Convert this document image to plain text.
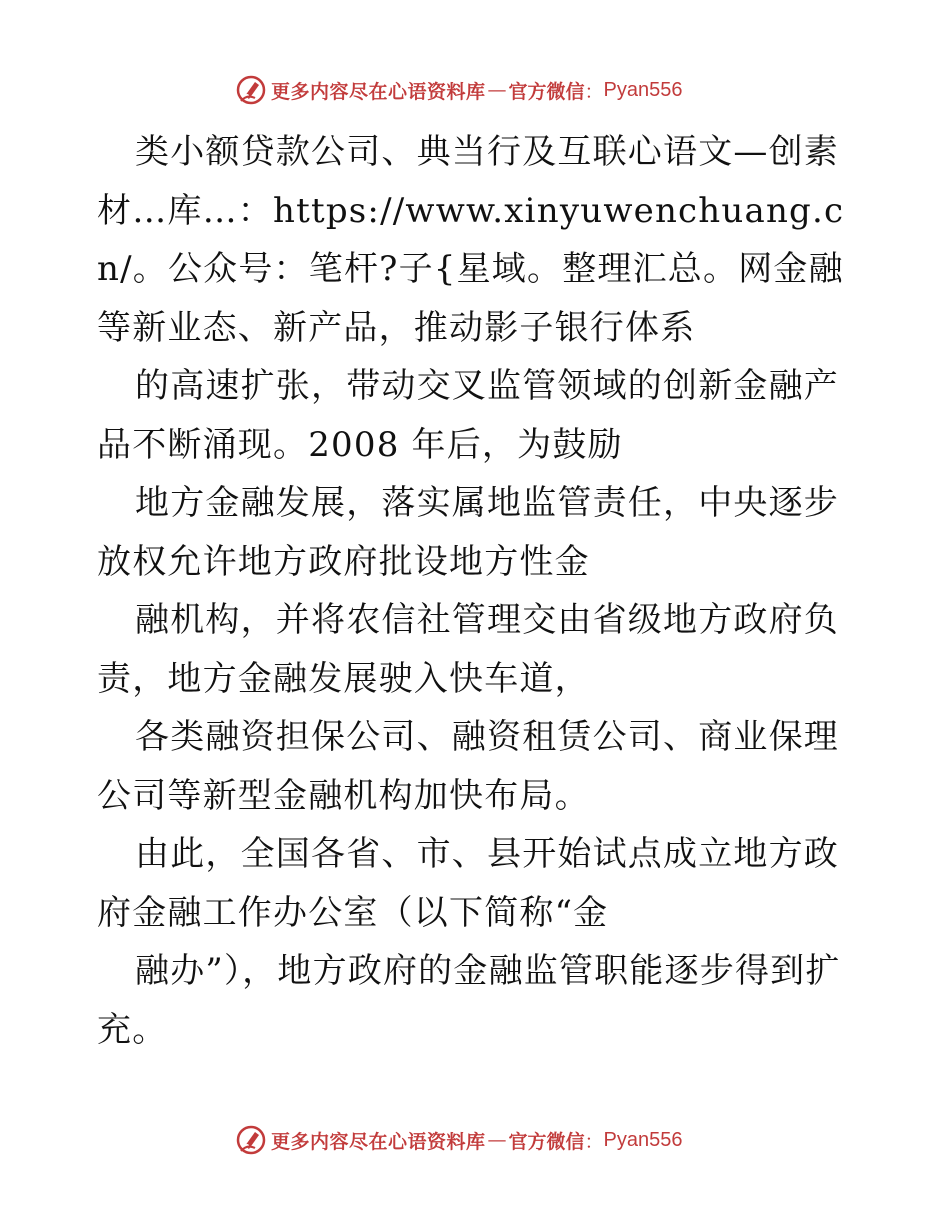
更多内容尽在心语资料库 — 官方微信 ： Pyan556

类小额贷款公司、典当行及互联心语文—创素材…库…：https://www.xinyuwenchuang.cn/。公众号：笔杆?子{星域。整理汇总。网金融等新业态、新产品，推动影子银行体系

的高速扩张，带动交叉监管领域的创新金融产品不断涌现。2008 年后，为鼓励

地方金融发展，落实属地监管责任，中央逐步放权允许地方政府批设地方性金

融机构，并将农信社管理交由省级地方政府负责，地方金融发展驶入快车道，

各类融资担保公司、融资租赁公司、商业保理公司等新型金融机构加快布局。

由此，全国各省、市、县开始试点成立地方政府金融工作办公室（以下简称“金

融办”），地方政府的金融监管职能逐步得到扩充。

更多内容尽在心语资料库 — 官方微信 ： Pyan556
